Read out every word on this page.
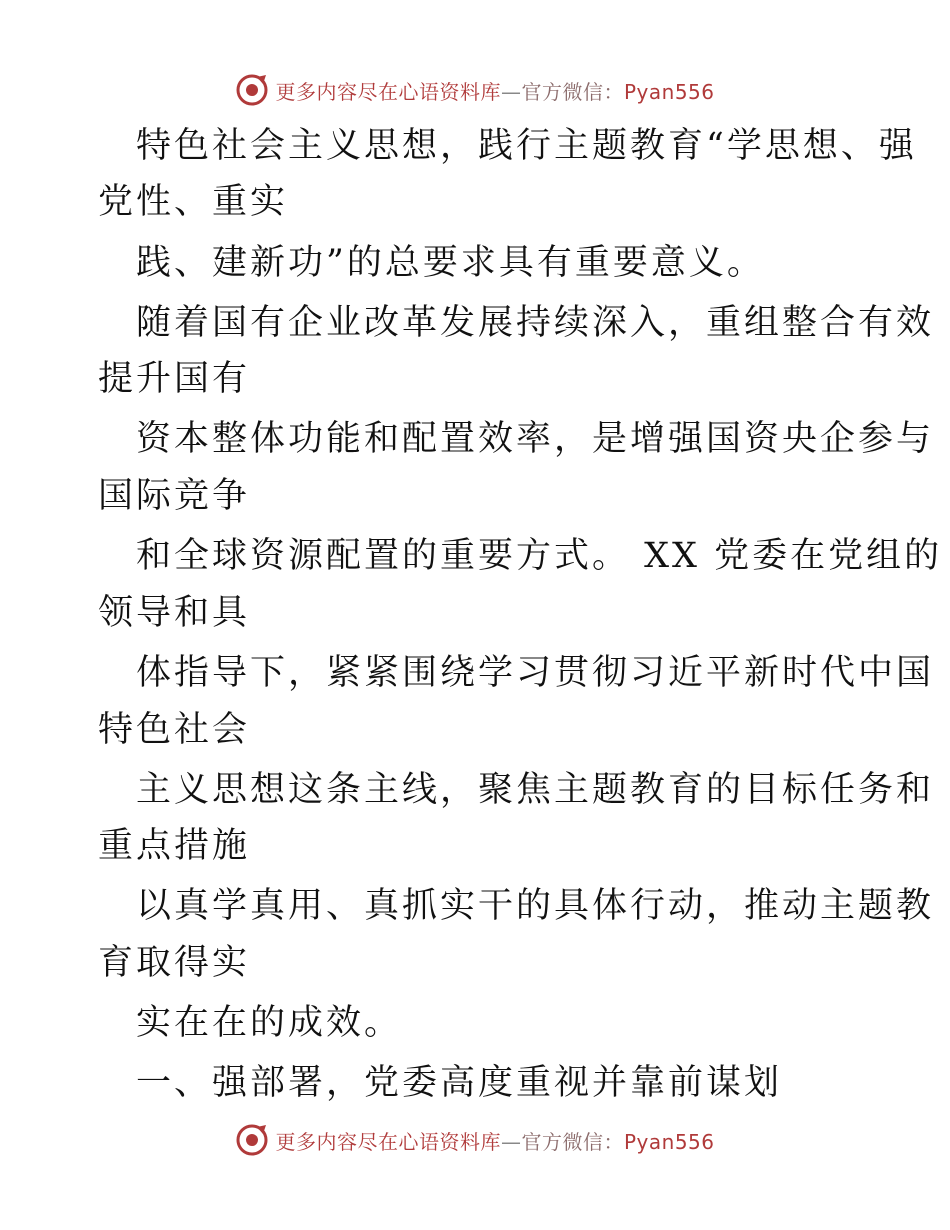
更多内容尽在心语资料库—官方微信：Pyan556
特色社会主义思想，践行主题教育“学思想、强
党性、重实
践、建新功”的总要求具有重要意义。
随着国有企业改革发展持续深入，重组整合有效
提升国有
资本整体功能和配置效率，是增强国资央企参与
国际竞争
和全球资源配置的重要方式。 XX 党委在党组的
领导和具
体指导下，紧紧围绕学习贯彻习近平新时代中国
特色社会
主义思想这条主线，聚焦主题教育的目标任务和
重点措施
以真学真用、真抓实干的具体行动，推动主题教
育取得实
实在在的成效。
一、强部署，党委高度重视并靠前谋划
更多内容尽在心语资料库—官方微信：Pyan556
